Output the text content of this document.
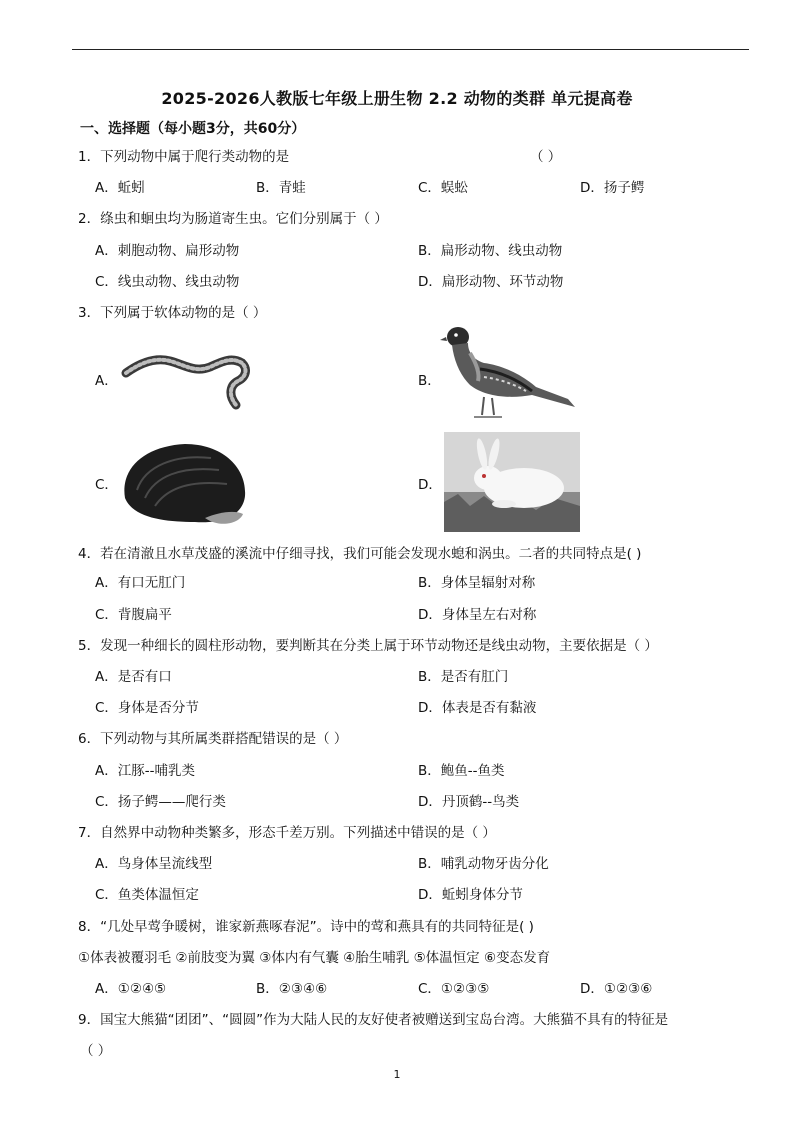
2025-2026人教版七年级上册生物 2.2 动物的类群 单元提高卷
一、选择题（每小题3分，共60分）
1．下列动物中属于爬行类动物的是	（ ）
A．蚯蚓	B．青蛙	C．蜈蚣	D．扬子鳄
2．绦虫和蛔虫均为肠道寄生虫。它们分别属于（ ）
A．刺胞动物、扁形动物	B．扁形动物、线虫动物
C．线虫动物、线虫动物	D．扁形动物、环节动物
3．下列属于软体动物的是（ ）
A．	B．
C．	D．
4．若在清澈且水草茂盛的溪流中仔细寻找，我们可能会发现水螅和涡虫。二者的共同特点是( )
A．有口无肛门	B．身体呈辐射对称
C．背腹扁平	D．身体呈左右对称
5．发现一种细长的圆柱形动物，要判断其在分类上属于环节动物还是线虫动物，主要依据是（ ）
A．是否有口	B．是否有肛门
C．身体是否分节	D．体表是否有黏液
6．下列动物与其所属类群搭配错误的是（ ）
A．江豚--哺乳类	B．鲍鱼--鱼类
C．扬子鳄——爬行类	D．丹顶鹤--鸟类
7．自然界中动物种类繁多，形态千差万别。下列描述中错误的是（ ）
A．鸟身体呈流线型	B．哺乳动物牙齿分化
C．鱼类体温恒定	D．蚯蚓身体分节
8．“几处早莺争暖树，谁家新燕啄春泥”。诗中的莺和燕具有的共同特征是( )
①体表被覆羽毛 ②前肢变为翼 ③体内有气囊 ④胎生哺乳 ⑤体温恒定 ⑥变态发育
A．①②④⑤	B．②③④⑥	C．①②③⑤	D．①②③⑥
9．国宝大熊猫“团团”、“圆圆”作为大陆人民的友好使者被赠送到宝岛台湾。大熊猫不具有的特征是
（ ）
1
